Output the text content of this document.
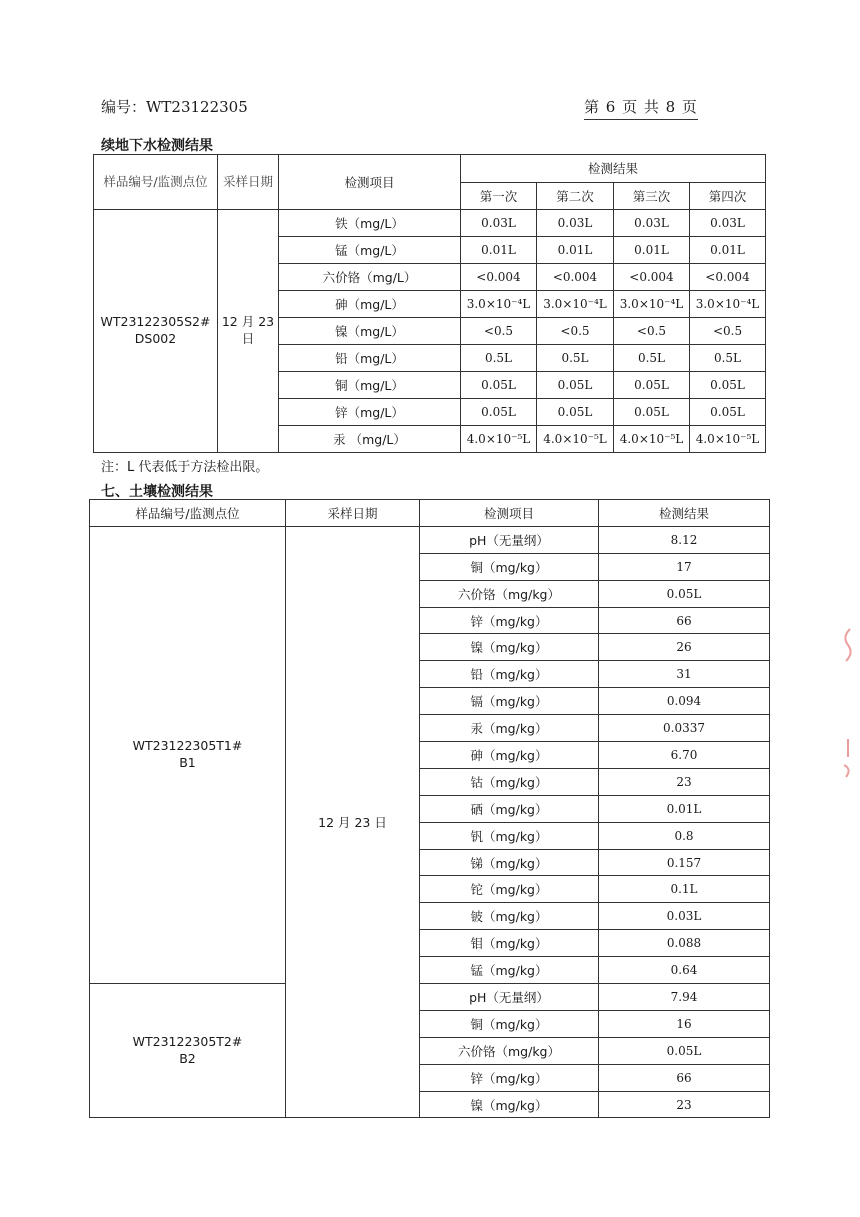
编号：WT23122305	第 6 页 共 8 页
续地下水检测结果
样品编号/监测点位	采样日期	检测项目	检测结果			
			第一次	第二次	第三次	第四次
WT23122305S2#
DS002	12 月 23 日	铁（mg/L）	0.03L	0.03L	0.03L	0.03L
		锰（mg/L）	0.01L	0.01L	0.01L	0.01L
		六价铬（mg/L）	<0.004	<0.004	<0.004	<0.004
		砷（mg/L）	3.0×10⁻⁴L	3.0×10⁻⁴L	3.0×10⁻⁴L	3.0×10⁻⁴L
		镍（mg/L）	<0.5	<0.5	<0.5	<0.5
		铅（mg/L）	0.5L	0.5L	0.5L	0.5L
		铜（mg/L）	0.05L	0.05L	0.05L	0.05L
		锌（mg/L）	0.05L	0.05L	0.05L	0.05L
		汞 （mg/L）	4.0×10⁻⁵L	4.0×10⁻⁵L	4.0×10⁻⁵L	4.0×10⁻⁵L
注：L 代表低于方法检出限。
七、土壤检测结果
样品编号/监测点位	采样日期	检测项目	检测结果
WT23122305T1#
B1	12 月 23 日	pH（无量纲）	8.12
		铜（mg/kg）	17
		六价铬（mg/kg）	0.05L
		锌（mg/kg）	66
		镍（mg/kg）	26
		铅（mg/kg）	31
		镉（mg/kg）	0.094
		汞（mg/kg）	0.0337
		砷（mg/kg）	6.70
		钴（mg/kg）	23
		硒（mg/kg）	0.01L
		钒（mg/kg）	0.8
		锑（mg/kg）	0.157
		铊（mg/kg）	0.1L
		铍（mg/kg）	0.03L
		钼（mg/kg）	0.088
		锰（mg/kg）	0.64
WT23122305T2#
B2		pH（无量纲）	7.94
		铜（mg/kg）	16
		六价铬（mg/kg）	0.05L
		锌（mg/kg）	66
		镍（mg/kg）	23
